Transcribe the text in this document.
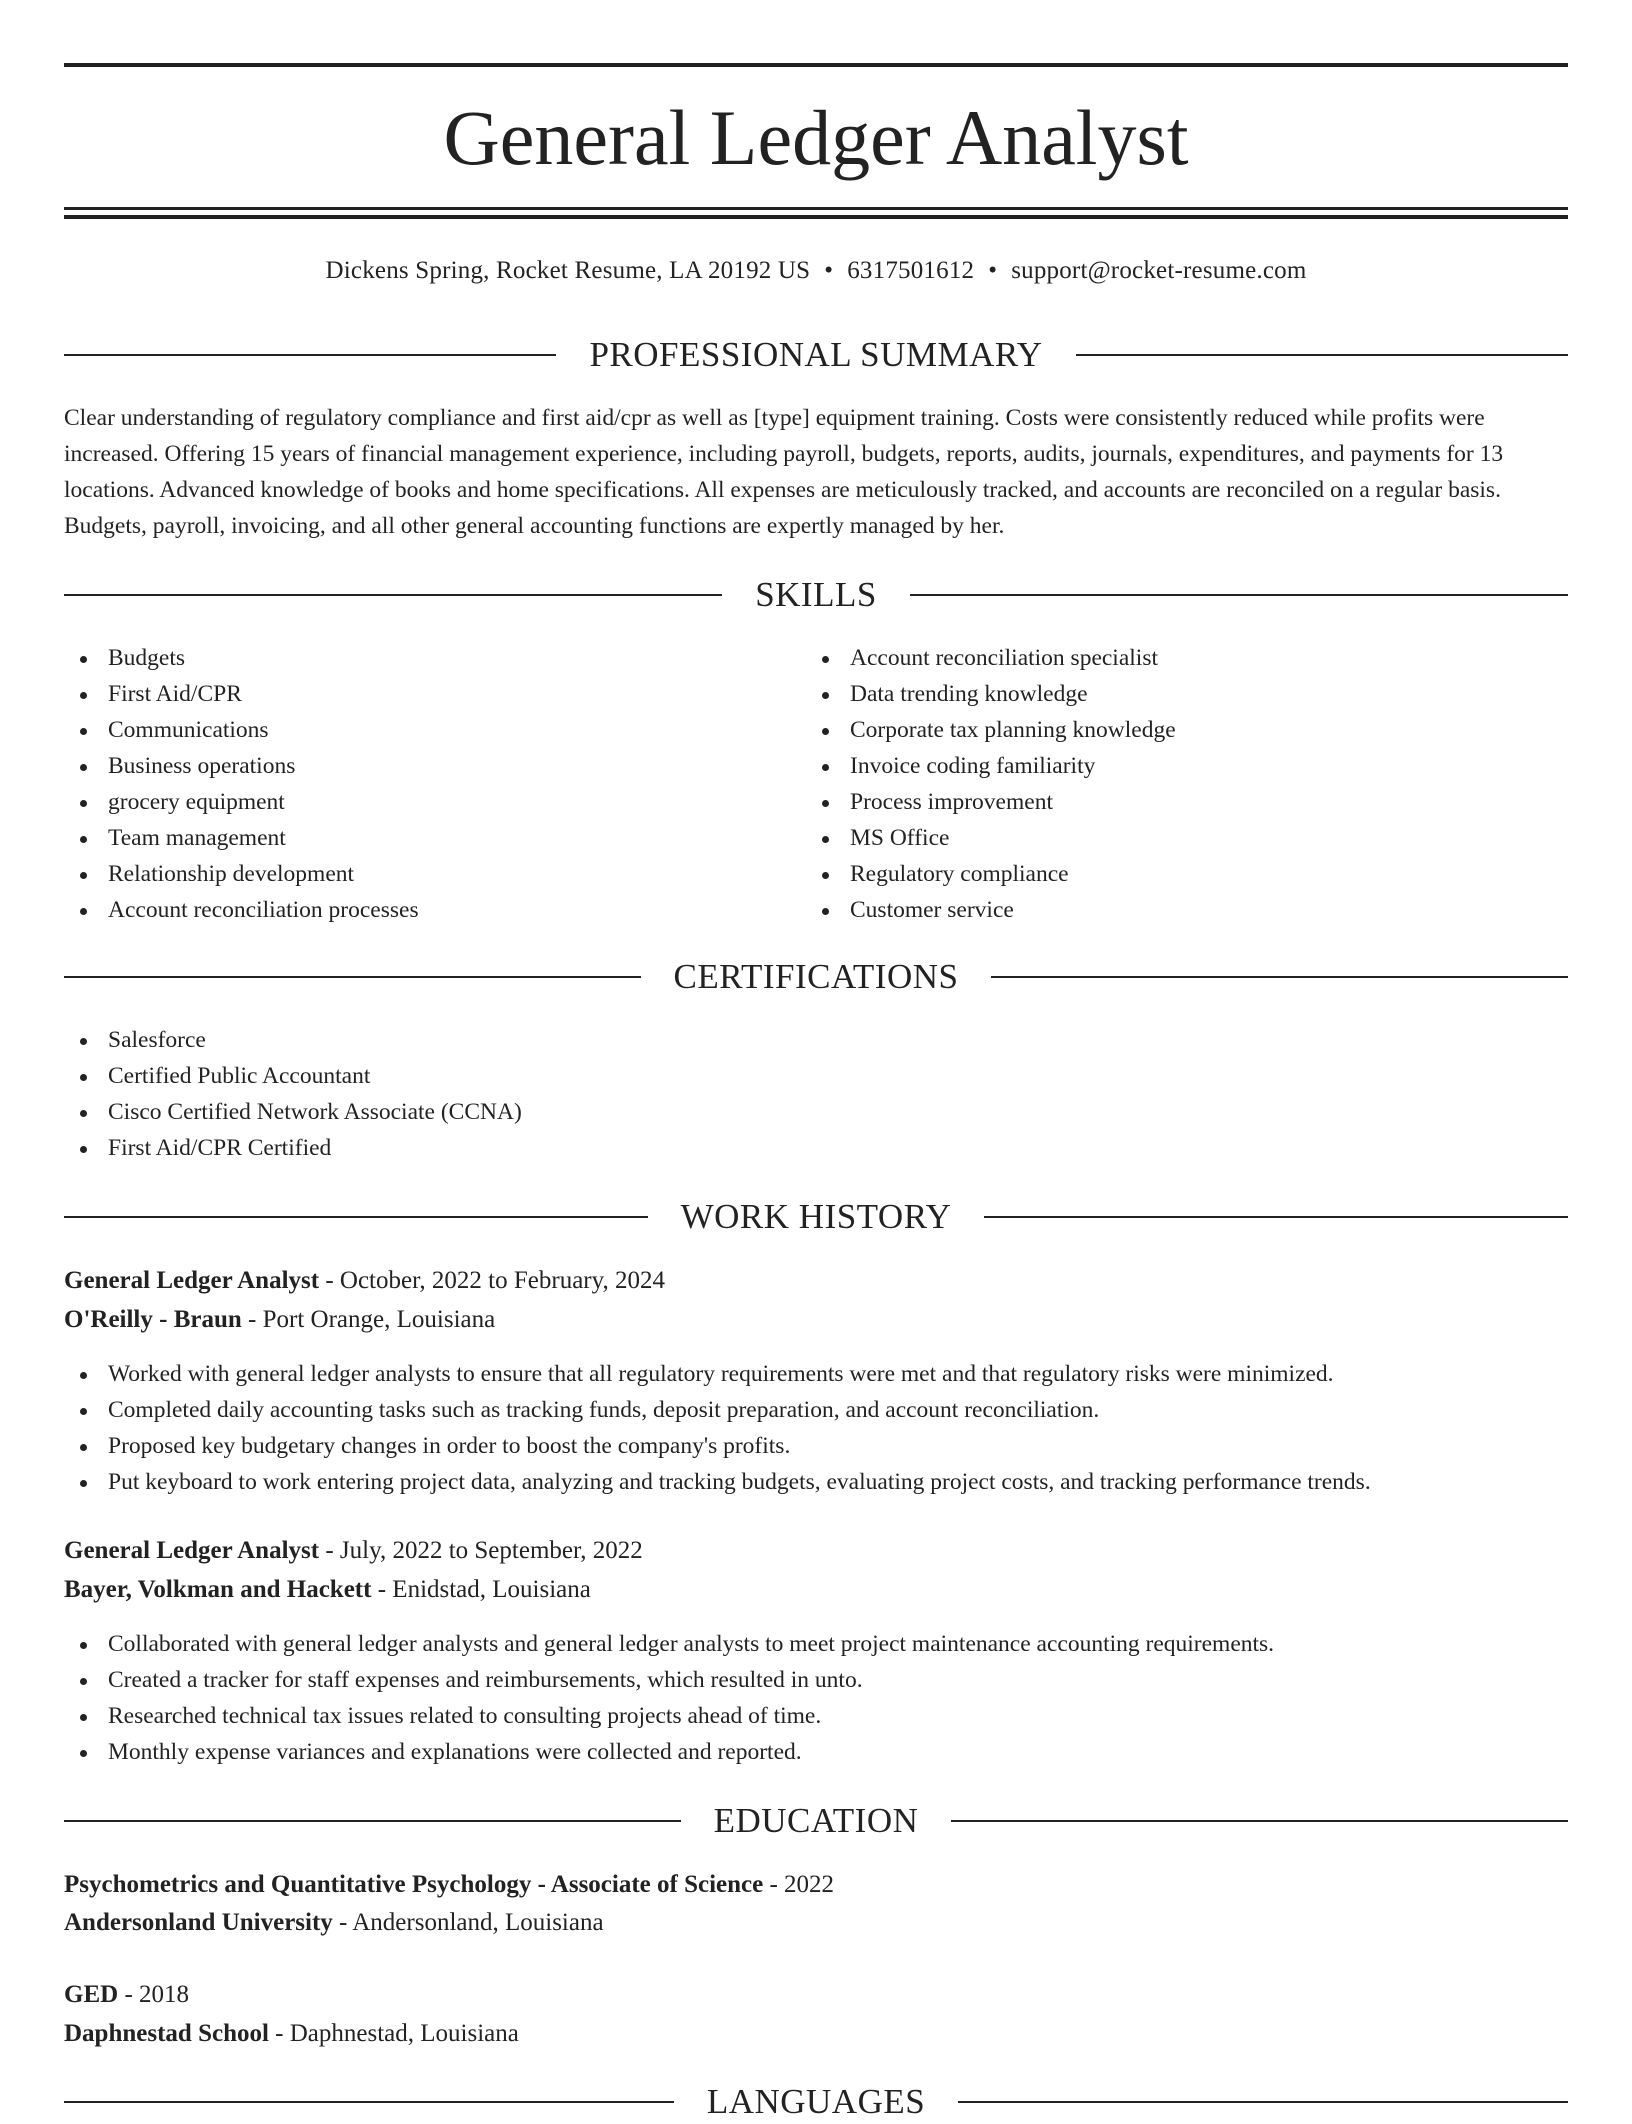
General Ledger Analyst
Dickens Spring, Rocket Resume, LA 20192 US • 6317501612 • support@rocket-resume.com
PROFESSIONAL SUMMARY

Clear understanding of regulatory compliance and first aid/cpr as well as [type] equipment training. Costs were consistently reduced while profits were increased. Offering 15 years of financial management experience, including payroll, budgets, reports, audits, journals, expenditures, and payments for 13 locations. Advanced knowledge of books and home specifications. All expenses are meticulously tracked, and accounts are reconciled on a regular basis. Budgets, payroll, invoicing, and all other general accounting functions are expertly managed by her.

SKILLS
Budgets
First Aid/CPR
Communications
Business operations
grocery equipment
Team management
Relationship development
Account reconciliation processes
Account reconciliation specialist
Data trending knowledge
Corporate tax planning knowledge
Invoice coding familiarity
Process improvement
MS Office
Regulatory compliance
Customer service
CERTIFICATIONS
Salesforce
Certified Public Accountant
Cisco Certified Network Associate (CCNA)
First Aid/CPR Certified
WORK HISTORY
General Ledger Analyst - October, 2022 to February, 2024
O'Reilly - Braun - Port Orange, Louisiana
Worked with general ledger analysts to ensure that all regulatory requirements were met and that regulatory risks were minimized.
Completed daily accounting tasks such as tracking funds, deposit preparation, and account reconciliation.
Proposed key budgetary changes in order to boost the company's profits.
Put keyboard to work entering project data, analyzing and tracking budgets, evaluating project costs, and tracking performance trends.
General Ledger Analyst - July, 2022 to September, 2022
Bayer, Volkman and Hackett - Enidstad, Louisiana
Collaborated with general ledger analysts and general ledger analysts to meet project maintenance accounting requirements.
Created a tracker for staff expenses and reimbursements, which resulted in unto.
Researched technical tax issues related to consulting projects ahead of time.
Monthly expense variances and explanations were collected and reported.
EDUCATION
Psychometrics and Quantitative Psychology - Associate of Science - 2022
Andersonland University - Andersonland, Louisiana
GED - 2018
Daphnestad School - Daphnestad, Louisiana
LANGUAGES
